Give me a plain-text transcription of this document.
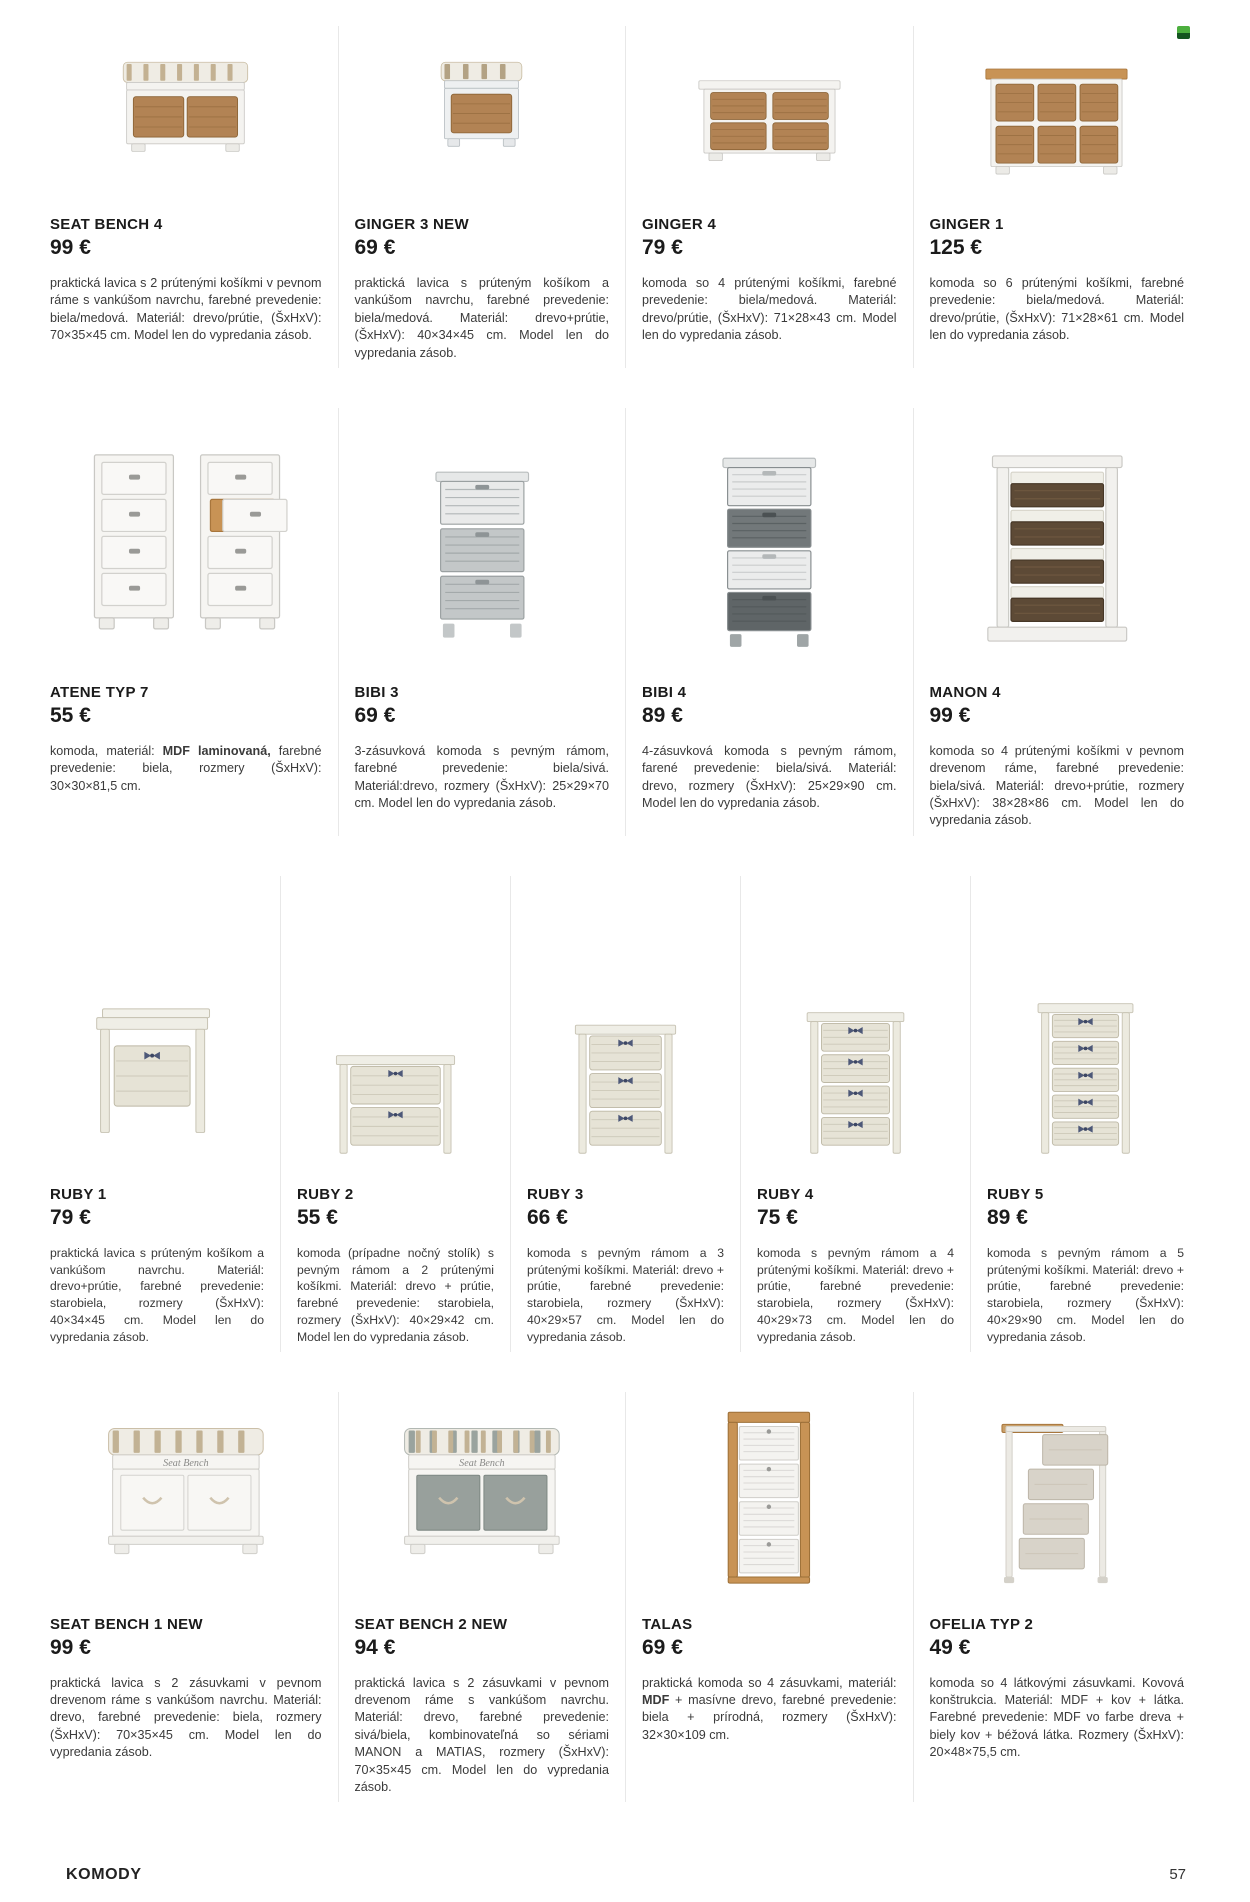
SEAT BENCH 4
99 €

praktická lavica s 2 prútenými košíkmi v pevnom ráme s vankúšom navrchu, farebné prevedenie: biela/medová. Materiál: drevo/prútie, (ŠxHxV): 70×35×45 cm. Model len do vypredania zásob.

GINGER 3 NEW
69 €

praktická lavica s prúteným košíkom a vankúšom navrchu, farebné prevedenie: biela/medová. Materiál: drevo+prútie, (ŠxHxV): 40×34×45 cm. Model len do vypredania zásob.

GINGER 4
79 €

komoda so 4 prútenými košíkmi, farebné prevedenie: biela/medová. Materiál: drevo/prútie, (ŠxHxV): 71×28×43 cm. Model len do vypredania zásob.

GINGER 1
125 €

komoda so 6 prútenými košíkmi, farebné prevedenie: biela/medová. Materiál: drevo/prútie, (ŠxHxV): 71×28×61 cm. Model len do vypredania zásob.

ATENE TYP 7
55 €

komoda, materiál: MDF laminovaná, farebné prevedenie: biela, rozmery (ŠxHxV): 30×30×81,5 cm.

BIBI 3
69 €

3-zásuvková komoda s pevným rámom, farebné prevedenie: biela/sivá. Materiál:drevo, rozmery (ŠxHxV): 25×29×70 cm. Model len do vypredania zásob.

BIBI 4
89 €

4-zásuvková komoda s pevným rámom, farené prevedenie: biela/sivá. Materiál: drevo, rozmery (ŠxHxV): 25×29×90 cm. Model len do vypredania zásob.

MANON 4
99 €

komoda so 4 prútenými košíkmi v pevnom drevenom ráme, farebné prevedenie: biela/sivá. Materiál: drevo+prútie, rozmery (ŠxHxV): 38×28×86 cm. Model len do vypredania zásob.

RUBY 1
79 €

praktická lavica s prúteným košíkom a vankúšom navrchu. Materiál: drevo+prútie, farebné prevedenie: starobiela, rozmery (ŠxHxV): 40×34×45 cm. Model len do vypredania zásob.

RUBY 2
55 €

komoda (prípadne nočný stolík) s pevným rámom a 2 prútenými košíkmi. Materiál: drevo + prútie, farebné prevedenie: starobiela, rozmery (ŠxHxV): 40×29×42 cm. Model len do vypredania zásob.

RUBY 3
66 €

komoda s pevným rámom a 3 prútenými košíkmi. Materiál: drevo + prútie, farebné prevedenie: starobiela, rozmery (ŠxHxV): 40×29×57 cm. Model len do vypredania zásob.

RUBY 4
75 €

komoda s pevným rámom a 4 prútenými košíkmi. Materiál: drevo + prútie, farebné prevedenie: starobiela, rozmery (ŠxHxV): 40×29×73 cm. Model len do vypredania zásob.

RUBY 5
89 €

komoda s pevným rámom a 5 prútenými košíkmi. Materiál: drevo + prútie, farebné prevedenie: starobiela, rozmery (ŠxHxV): 40×29×90 cm. Model len do vypredania zásob.

Seat Bench
SEAT BENCH 1 NEW
99 €

praktická lavica s 2 zásuvkami v pevnom drevenom ráme s vankúšom navrchu. Materiál: drevo, farebné prevedenie: biela, rozmery (ŠxHxV): 70×35×45 cm. Model len do vypredania zásob.

Seat Bench
SEAT BENCH 2 NEW
94 €

praktická lavica s 2 zásuvkami v pevnom drevenom ráme s vankúšom navrchu. Materiál: drevo, farebné prevedenie: sivá/biela, kombinovateľná so sériami MANON a MATIAS, rozmery (ŠxHxV): 70×35×45 cm. Model len do vypredania zásob.

TALAS
69 €

praktická komoda so 4 zásuvkami, materiál: MDF + masívne drevo, farebné prevedenie: biela + prírodná, rozmery (ŠxHxV): 32×30×109 cm.

OFELIA TYP 2
49 €

komoda so 4 látkovými zásuvkami. Kovová konštrukcia. Materiál: MDF + kov + látka. Farebné prevedenie: MDF vo farbe dreva + biely kov + béžová látka. Rozmery (ŠxHxV): 20×48×75,5 cm.

KOMODY	57
